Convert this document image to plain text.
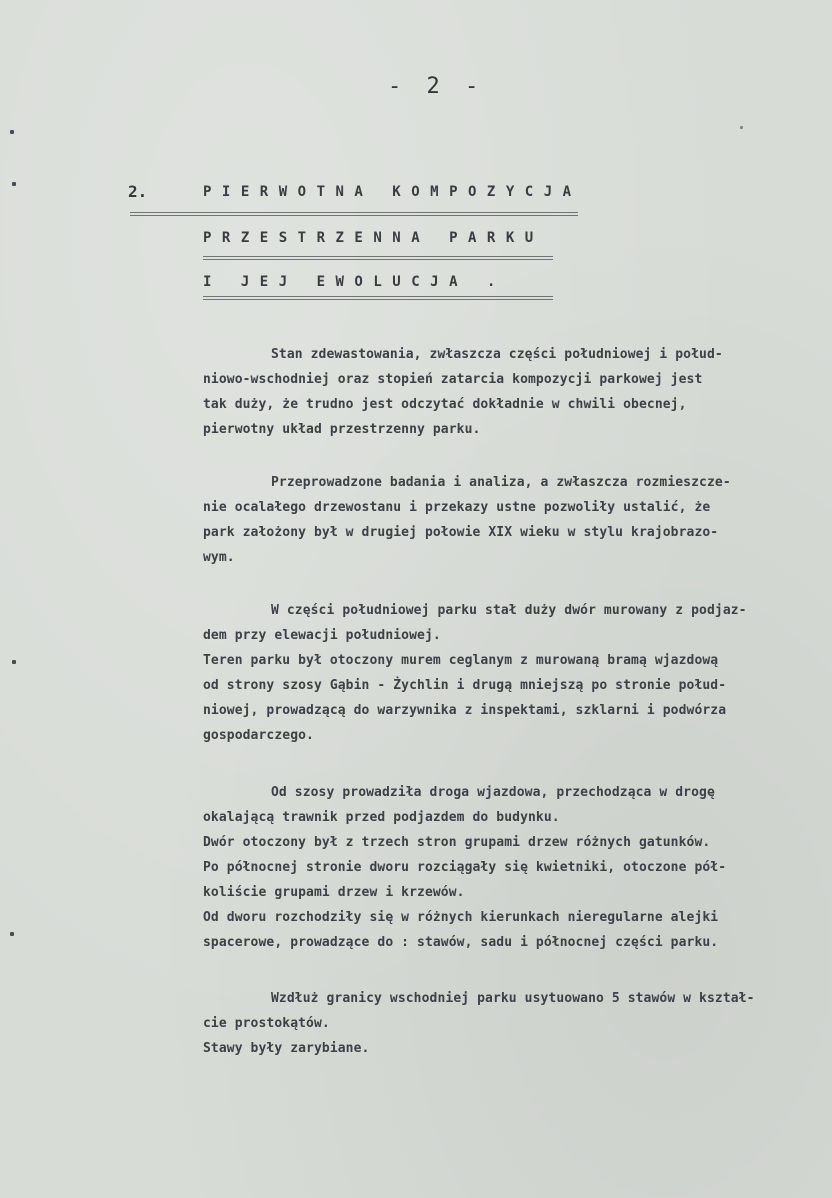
- 2 -
2.	PIERWOTNA KOMPOZYCJA
PRZESTRZENNA PARKU
I JEJ EWOLUCJA .
Stan zdewastowania, zwłaszcza części południowej i połud-
niowo-wschodniej oraz stopień zatarcia kompozycji parkowej jest
tak duży, że trudno jest odczytać dokładnie w chwili obecnej,
pierwotny układ przestrzenny parku.
Przeprowadzone badania i analiza, a zwłaszcza rozmieszcze-
nie ocalałego drzewostanu i przekazy ustne pozwoliły ustalić, że
park założony był w drugiej połowie XIX wieku w stylu krajobrazo-
wym.
W części południowej parku stał duży dwór murowany z podjaz-
dem przy elewacji południowej.
Teren parku był otoczony murem ceglanym z murowaną bramą wjazdową
od strony szosy Gąbin - Żychlin i drugą mniejszą po stronie połud-
niowej, prowadzącą do warzywnika z inspektami, szklarni i podwórza
gospodarczego.
Od szosy prowadziła droga wjazdowa, przechodząca w drogę
okalającą trawnik przed podjazdem do budynku.
Dwór otoczony był z trzech stron grupami drzew różnych gatunków.
Po północnej stronie dworu rozciągały się kwietniki, otoczone pół-
koliście grupami drzew i krzewów.
Od dworu rozchodziły się w różnych kierunkach nieregularne alejki
spacerowe, prowadzące do : stawów, sadu i północnej części parku.
Wzdłuż granicy wschodniej parku usytuowano 5 stawów w kształ-
cie prostokątów.
Stawy były zarybiane.
